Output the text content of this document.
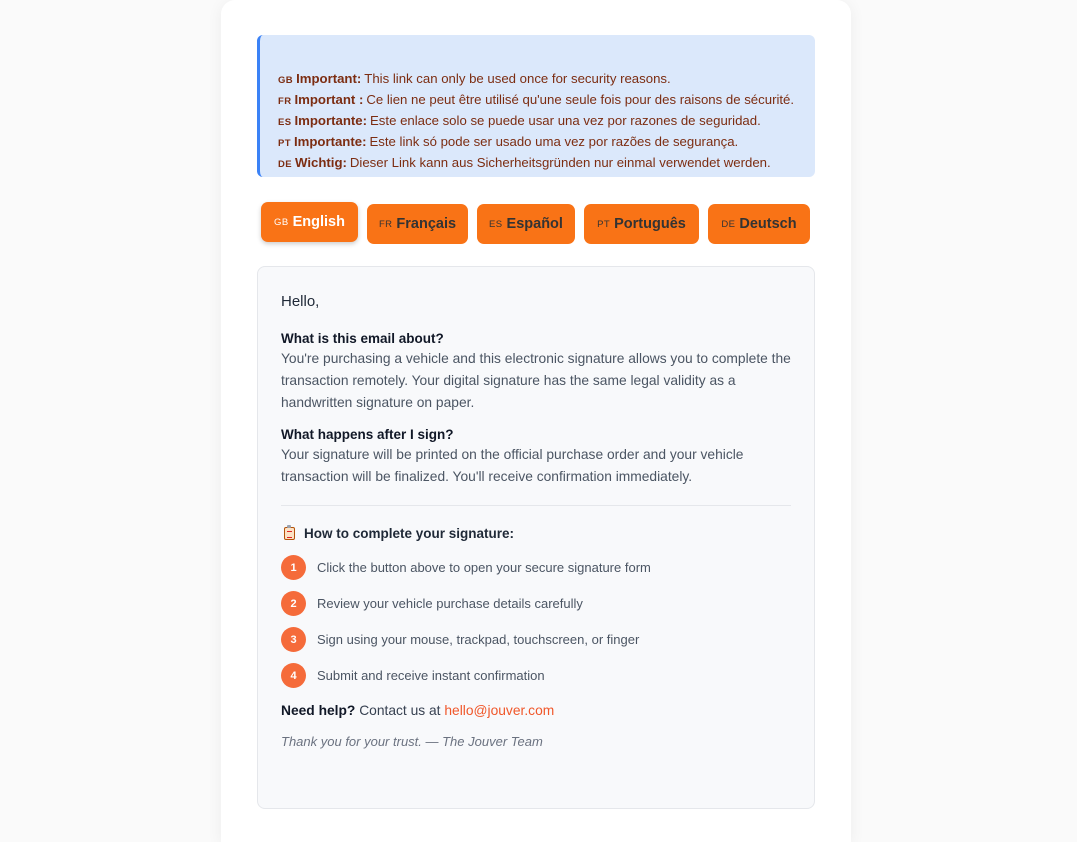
GB Important: This link can only be used once for security reasons.
FR Important : Ce lien ne peut être utilisé qu'une seule fois pour des raisons de sécurité.
ES Importante: Este enlace solo se puede usar una vez por razones de seguridad.
PT Importante: Este link só pode ser usado uma vez por razões de segurança.
DE Wichtig: Dieser Link kann aus Sicherheitsgründen nur einmal verwendet werden.
GB English	FR Français	ES Español	PT Português	DE Deutsch
Hello,
What is this email about?
You're purchasing a vehicle and this electronic signature allows you to complete the transaction remotely. Your digital signature has the same legal validity as a handwritten signature on paper.
What happens after I sign?
Your signature will be printed on the official purchase order and your vehicle transaction will be finalized. You'll receive confirmation immediately.
How to complete your signature:
1	Click the button above to open your secure signature form
2	Review your vehicle purchase details carefully
3	Sign using your mouse, trackpad, touchscreen, or finger
4	Submit and receive instant confirmation
Need help? Contact us at hello@jouver.com
Thank you for your trust. — The Jouver Team
